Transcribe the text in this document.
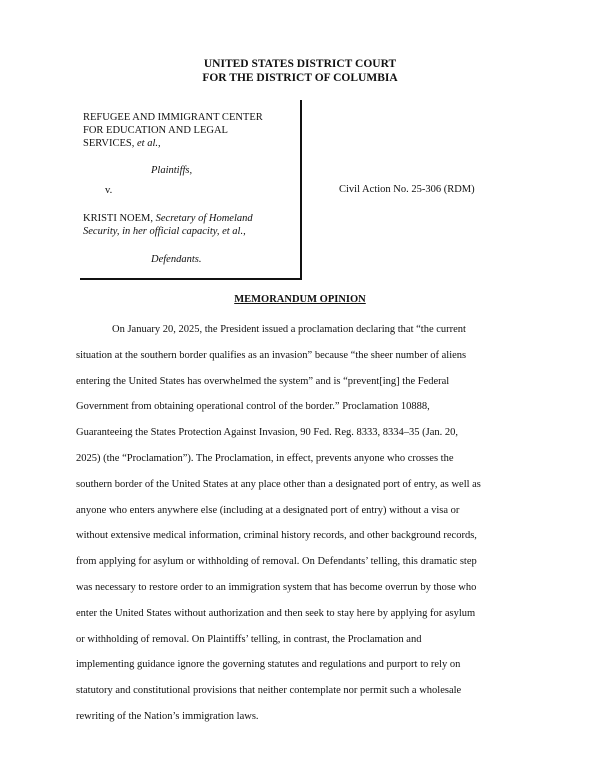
UNITED STATES DISTRICT COURT
FOR THE DISTRICT OF COLUMBIA
REFUGEE AND IMMIGRANT CENTER
FOR EDUCATION AND LEGAL
SERVICES, et al.,
Plaintiffs,
v.
KRISTI NOEM, Secretary of Homeland
Security, in her official capacity, et al.,
Defendants.
Civil Action No. 25-306 (RDM)
MEMORANDUM OPINION
On January 20, 2025, the President issued a proclamation declaring that “the current
situation at the southern border qualifies as an invasion” because “the sheer number of aliens
entering the United States has overwhelmed the system” and is “prevent[ing] the Federal
Government from obtaining operational control of the border.” Proclamation 10888,
Guaranteeing the States Protection Against Invasion, 90 Fed. Reg. 8333, 8334–35 (Jan. 20,
2025) (the “Proclamation”). The Proclamation, in effect, prevents anyone who crosses the
southern border of the United States at any place other than a designated port of entry, as well as
anyone who enters anywhere else (including at a designated port of entry) without a visa or
without extensive medical information, criminal history records, and other background records,
from applying for asylum or withholding of removal. On Defendants’ telling, this dramatic step
was necessary to restore order to an immigration system that has become overrun by those who
enter the United States without authorization and then seek to stay here by applying for asylum
or withholding of removal. On Plaintiffs’ telling, in contrast, the Proclamation and
implementing guidance ignore the governing statutes and regulations and purport to rely on
statutory and constitutional provisions that neither contemplate nor permit such a wholesale
rewriting of the Nation’s immigration laws.
